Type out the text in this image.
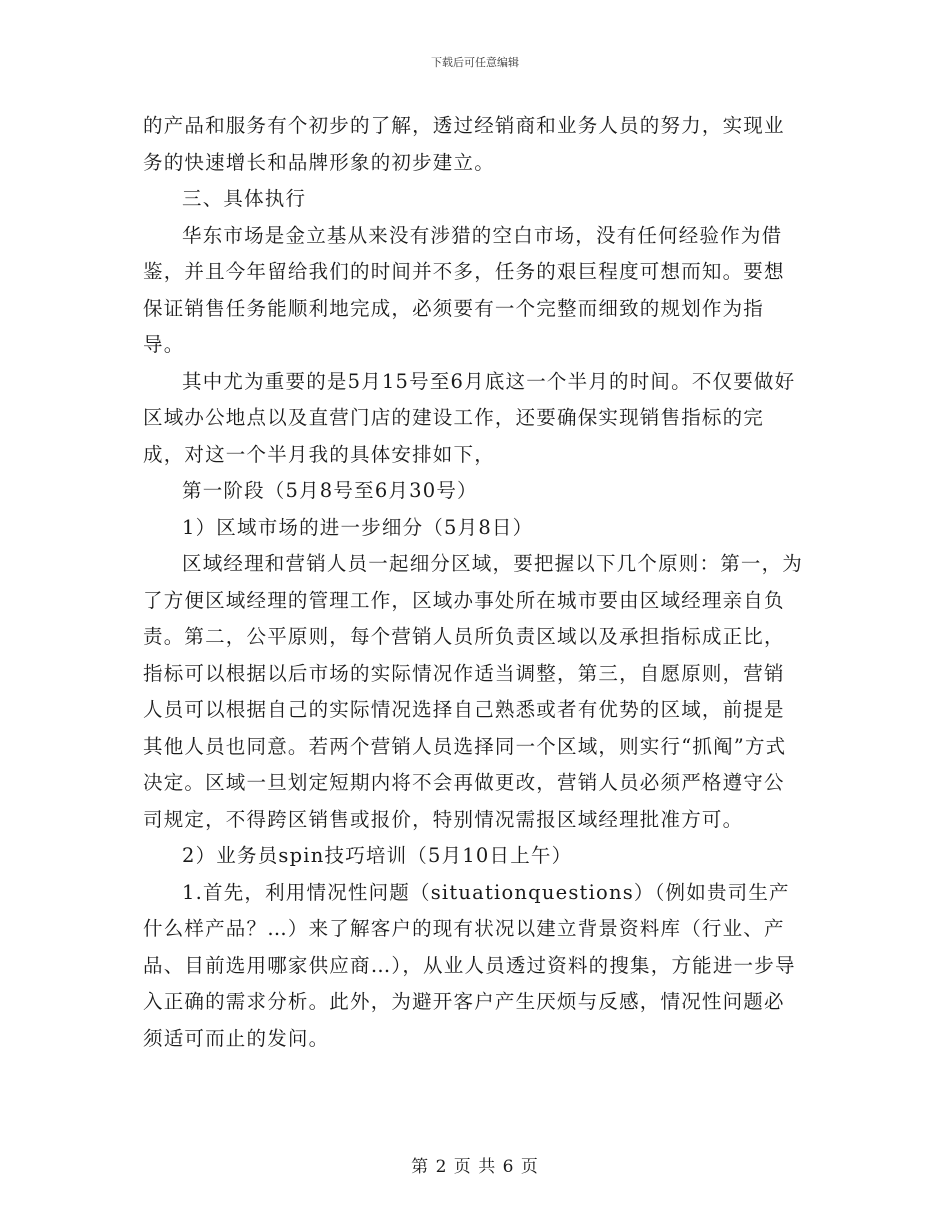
下载后可任意编辑

的产品和服务有个初步的了解，透过经销商和业务人员的努力，实现业务的快速增长和品牌形象的初步建立。

三、具体执行

华东市场是金立基从来没有涉猎的空白市场，没有任何经验作为借鉴，并且今年留给我们的时间并不多，任务的艰巨程度可想而知。要想保证销售任务能顺利地完成，必须要有一个完整而细致的规划作为指导。

其中尤为重要的是5月15号至6月底这一个半月的时间。不仅要做好区域办公地点以及直营门店的建设工作，还要确保实现销售指标的完成，对这一个半月我的具体安排如下，

第一阶段（5月8号至6月30号）

1）区域市场的进一步细分（5月8日）

区域经理和营销人员一起细分区域，要把握以下几个原则：第一，为了方便区域经理的管理工作，区域办事处所在城市要由区域经理亲自负责。第二，公平原则，每个营销人员所负责区域以及承担指标成正比，指标可以根据以后市场的实际情况作适当调整，第三，自愿原则，营销人员可以根据自己的实际情况选择自己熟悉或者有优势的区域，前提是其他人员也同意。若两个营销人员选择同一个区域，则实行“抓阄”方式决定。区域一旦划定短期内将不会再做更改，营销人员必须严格遵守公司规定，不得跨区销售或报价，特别情况需报区域经理批准方可。

2）业务员spin技巧培训（5月10日上午）

1.首先，利用情况性问题（situationquestions）（例如贵司生产什么样产品？…）来了解客户的现有状况以建立背景资料库（行业、产品、目前选用哪家供应商…），从业人员透过资料的搜集，方能进一步导入正确的需求分析。此外，为避开客户产生厌烦与反感，情况性问题必须适可而止的发问。

第 2 页 共 6 页
